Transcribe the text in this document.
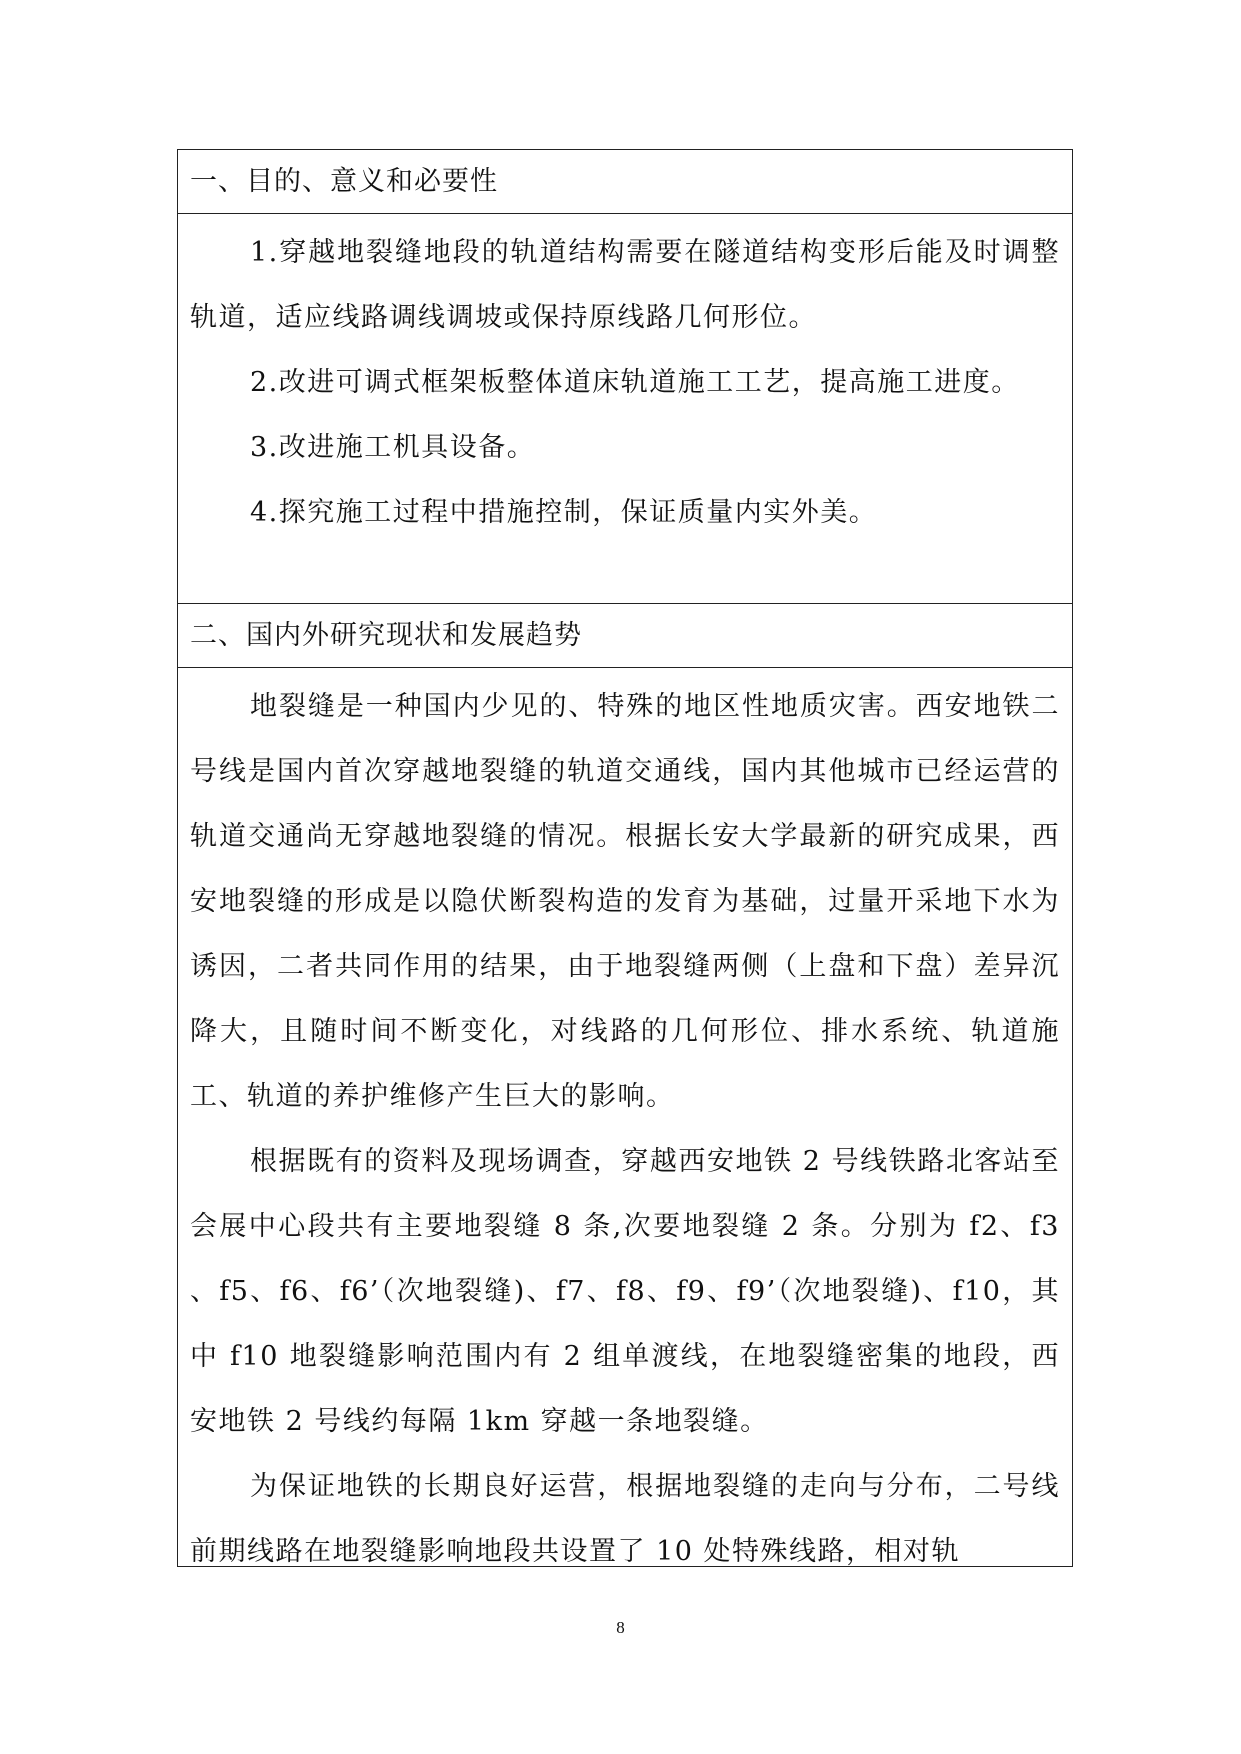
一、目的、意义和必要性

1.穿越地裂缝地段的轨道结构需要在隧道结构变形后能及时调整轨道，适应线路调线调坡或保持原线路几何形位。

2.改进可调式框架板整体道床轨道施工工艺，提高施工进度。

3.改进施工机具设备。

4.探究施工过程中措施控制，保证质量内实外美。

二、国内外研究现状和发展趋势

地裂缝是一种国内少见的、特殊的地区性地质灾害。西安地铁二号线是国内首次穿越地裂缝的轨道交通线，国内其他城市已经运营的轨道交通尚无穿越地裂缝的情况。根据长安大学最新的研究成果，西安地裂缝的形成是以隐伏断裂构造的发育为基础，过量开采地下水为诱因，二者共同作用的结果，由于地裂缝两侧（上盘和下盘）差异沉降大，且随时间不断变化，对线路的几何形位、排水系统、轨道施工、轨道的养护维修产生巨大的影响。

根据既有的资料及现场调查，穿越西安地铁 2 号线铁路北客站至会展中心段共有主要地裂缝 8 条,次要地裂缝 2 条。分别为 f2、f3 、f5、f6、f6’（次地裂缝)、f7、f8、f9、f9’（次地裂缝)、f10，其中 f10 地裂缝影响范围内有 2 组单渡线，在地裂缝密集的地段，西安地铁 2 号线约每隔 1km 穿越一条地裂缝。

为保证地铁的长期良好运营，根据地裂缝的走向与分布，二号线前期线路在地裂缝影响地段共设置了 10 处特殊线路，相对轨

8
